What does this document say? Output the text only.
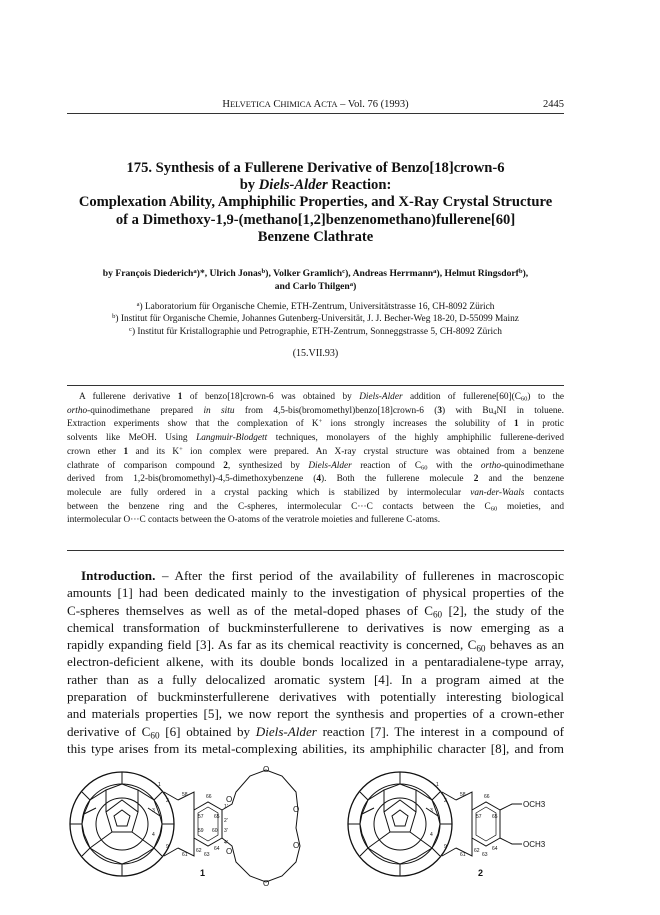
HELVETICA CHIMICA ACTA – Vol. 76 (1993)	2445
175. Synthesis of a Fullerene Derivative of Benzo[18]crown-6
by Diels-Alder Reaction:
Complexation Ability, Amphiphilic Properties, and X-Ray Crystal Structure
of a Dimethoxy-1,9-(methano[1,2]benzenomethano)fullerene[60]
Benzene Clathrate
by François Diederich$^a$)*, Ulrich Jonas$^b$), Volker Gramlich$^c$), Andreas Herrmann$^a$), Helmut Ringsdorf$^b$),
and Carlo Thilgen$^a$)
$^a$) Laboratorium für Organische Chemie, ETH-Zentrum, Universitätstrasse 16, CH-8092 Zürich
$^b$) Institut für Organische Chemie, Johannes Gutenberg-Universität, J. J. Becher-Weg 18-20, D-55099 Mainz
$^c$) Institut für Kristallographie und Petrographie, ETH-Zentrum, Sonneggstrasse 5, CH-8092 Zürich
(15.VII.93)
A fullerene derivative 1 of benzo[18]crown-6 was obtained by Diels-Alder addition of $fullerene[60](C_{60})$ to the
ortho-quinodimethane prepared in situ from 4,5-bis(bromomethyl)benzo[18]crown-6 (3) with $Bu_4NI$ in toluene.
Extraction experiments show that the complexation of K+ ions strongly increases the solubility of 1 in protic
solvents like MeOH. Using Langmuir-Blodgett techniques, monolayers of the highly amphiphilic fullerene-derived
crown ether 1 and its K+ ion complex were prepared. An X-ray crystal structure was obtained from a benzene
clathrate of comparison compound 2, synthesized by Diels-Alder reaction of $C_{60}$ with the ortho-quinodimethane
derived from 1,2-bis(bromomethyl)-4,5-dimethoxybenzene (4). Both the fullerene molecule 2 and the benzene
molecule are fully ordered in a crystal packing which is stabilized by intermolecular van-der-Waals contacts
between the benzene ring and the C-spheres, intermolecular C···C contacts between the $C_{60}$ moieties, and
intermolecular O···C contacts between the O-atoms of the veratrole moieties and fullerene C-atoms.
Introduction. – After the first period of the availability of fullerenes in macroscopic
amounts [1] had been dedicated mainly to the investigation of physical properties of the
C-spheres themselves as well as of the metal-doped phases of $C_{60}$ [2], the study of the
chemical transformation of buckminsterfullerene to derivatives is now emerging as a
rapidly expanding field [3]. As far as its chemical reactivity is concerned, $C_{60}$ behaves as an
electron-deficient alkene, with its double bonds localized in a pentaradialene-type array,
rather than as a fully delocalized aromatic system [4]. In a program aimed at the
preparation of buckminsterfullerene derivatives with potentially interesting biological
and materials properties [5], we now report the synthesis and properties of a crown-ether
derivative of $C_{60}$ [6] obtained by Diels-Alder reaction [7]. The interest in a compound of
this type arises from its metal-complexing abilities, its amphiphilic character [8], and from
1
2
9
3
4
58	66
57 65
59 60
61
62
63
64
1'
2'
3'
4'
O
O
O
O
O
O
1
1
2
9
3
4
58	66
57 65
61
62
63
64
OCH3
OCH3
2
